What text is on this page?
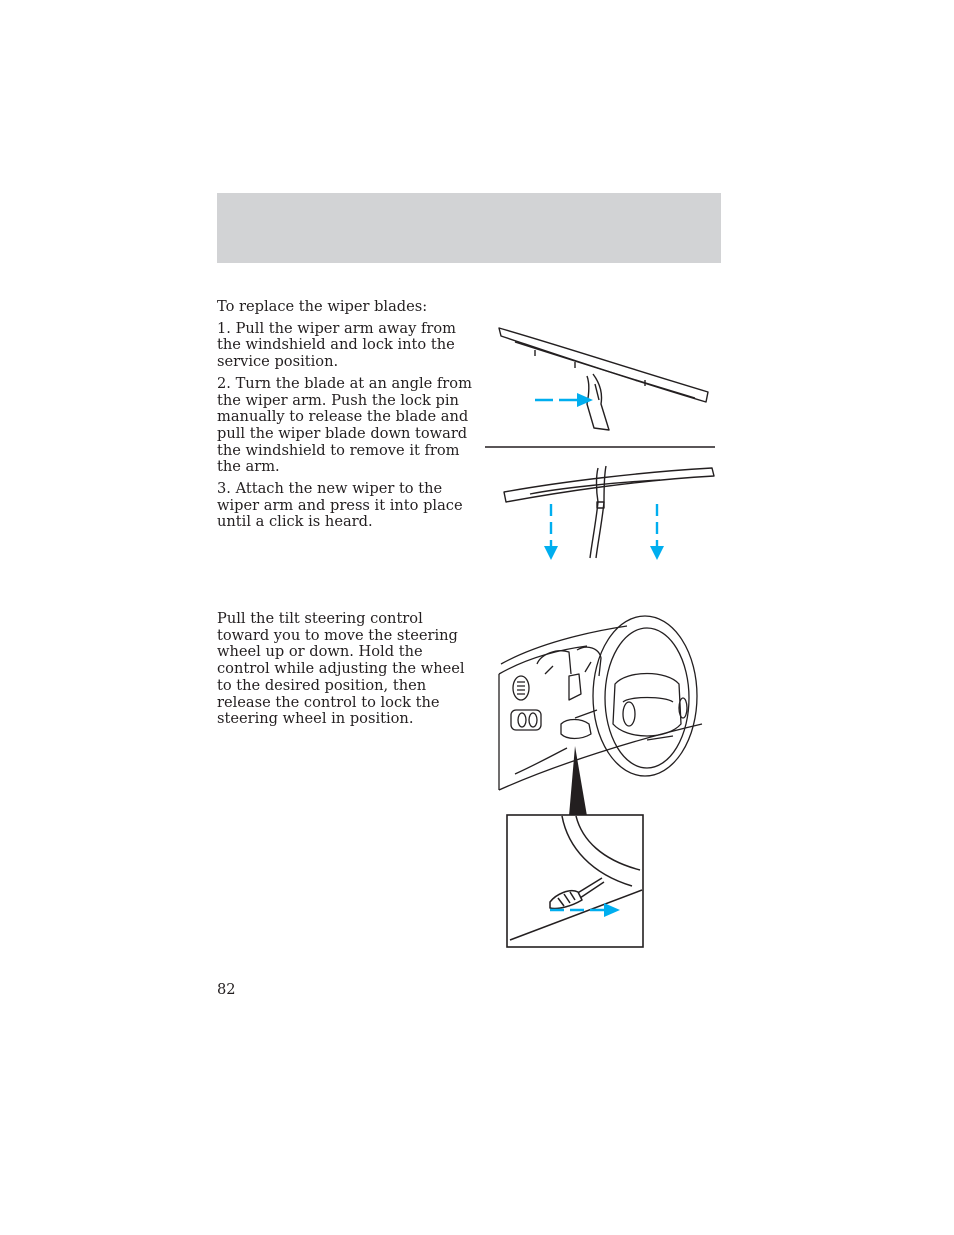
To replace the wiper blades:

1. Pull the wiper arm away from the windshield and lock into the service position.

2. Turn the blade at an angle from the wiper arm. Push the lock pin manually to release the blade and pull the wiper blade down toward the windshield to remove it from the arm.

3. Attach the new wiper to the wiper arm and press it into place until a click is heard.

Pull the tilt steering control toward you to move the steering wheel up or down. Hold the control while adjusting the wheel to the desired position, then release the control to lock the steering wheel in position.

82
